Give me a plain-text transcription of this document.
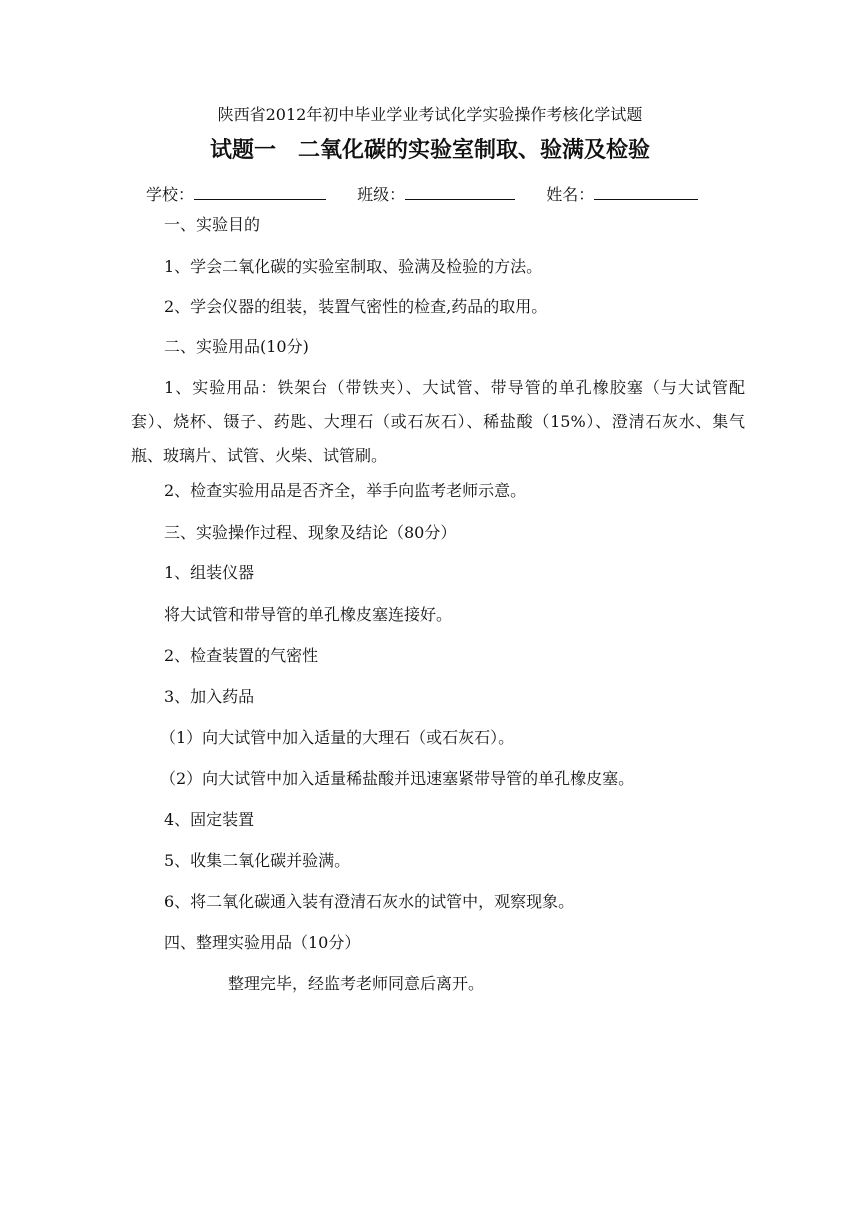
陕西省2012年初中毕业学业考试化学实验操作考核化学试题
试题一　二氧化碳的实验室制取、验满及检验
学校：	班级：	姓名：
一、实验目的
1、学会二氧化碳的实验室制取、验满及检验的方法。
2、学会仪器的组装，装置气密性的检查,药品的取用。
二、实验用品(10分)
1、实验用品：铁架台（带铁夹）、大试管、带导管的单孔橡胶塞（与大试管配套）、烧杯、镊子、药匙、大理石（或石灰石）、稀盐酸（15%）、澄清石灰水、集气瓶、玻璃片、试管、火柴、试管刷。
2、检查实验用品是否齐全，举手向监考老师示意。
三、实验操作过程、现象及结论（80分）
1、组装仪器
将大试管和带导管的单孔橡皮塞连接好。
2、检查装置的气密性
3、加入药品
（1）向大试管中加入适量的大理石（或石灰石）。
（2）向大试管中加入适量稀盐酸并迅速塞紧带导管的单孔橡皮塞。
4、固定装置
5、收集二氧化碳并验满。
6、将二氧化碳通入装有澄清石灰水的试管中，观察现象。
四、整理实验用品（10分）
整理完毕，经监考老师同意后离开。
